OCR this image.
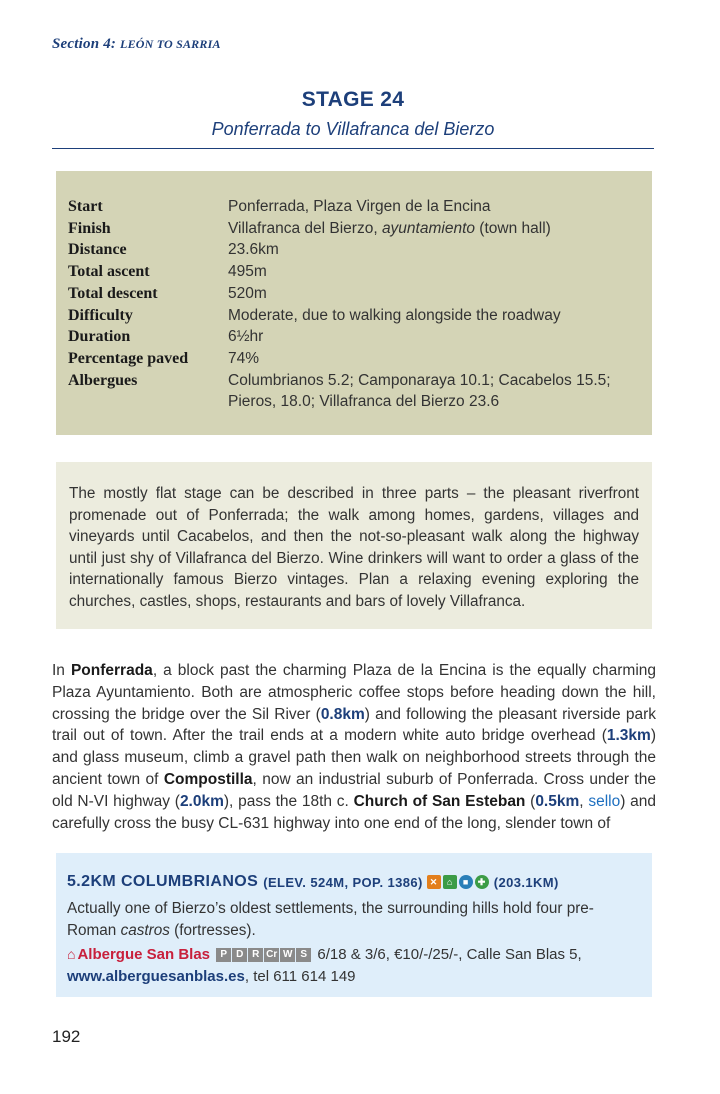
Section 4: LEÓN TO SARRIA
STAGE 24
Ponferrada to Villafranca del Bierzo
Start	Ponferrada, Plaza Virgen de la Encina
Finish	Villafranca del Bierzo, ayuntamiento (town hall)
Distance	23.6km
Total ascent	495m
Total descent	520m
Difficulty	Moderate, due to walking alongside the roadway
Duration	6½hr
Percentage paved	74%
Albergues	Columbrianos 5.2; Camponaraya 10.1; Cacabelos 15.5;
Pieros, 18.0; Villafranca del Bierzo 23.6
The mostly flat stage can be described in three parts – the pleasant riverfront promenade out of Ponferrada; the walk among homes, gardens, villages and vineyards until Cacabelos, and then the not-so-pleasant walk along the highway until just shy of Villafranca del Bierzo. Wine drinkers will want to order a glass of the internationally famous Bierzo vintages. Plan a relaxing evening exploring the churches, castles, shops, restaurants and bars of lovely Villafranca.
In Ponferrada, a block past the charming Plaza de la Encina is the equally charming Plaza Ayuntamiento. Both are atmospheric coffee stops before heading down the hill, crossing the bridge over the Sil River (0.8km) and following the pleasant riverside park trail out of town. After the trail ends at a modern white auto bridge overhead (1.3km) and glass museum, climb a gravel path then walk on neighborhood streets through the ancient town of Compostilla, now an industrial suburb of Ponferrada. Cross under the old N-VI highway (2.0km), pass the 18th c. Church of San Esteban (0.5km, sello) and carefully cross the busy CL-631 highway into one end of the long, slender town of
5.2KM COLUMBRIANOS (ELEV. 524M, POP. 1386) ✕	⌂	■	✚ (203.1KM)
Actually one of Bierzo’s oldest settlements, the surrounding hills hold four pre-Roman castros (fortresses).
⌂ Albergue San Blas	P D R Cr W S 6/18 & 3/6, €10/-/25/-, Calle San Blas 5,
www.alberguesanblas.es, tel 611 614 149
192
